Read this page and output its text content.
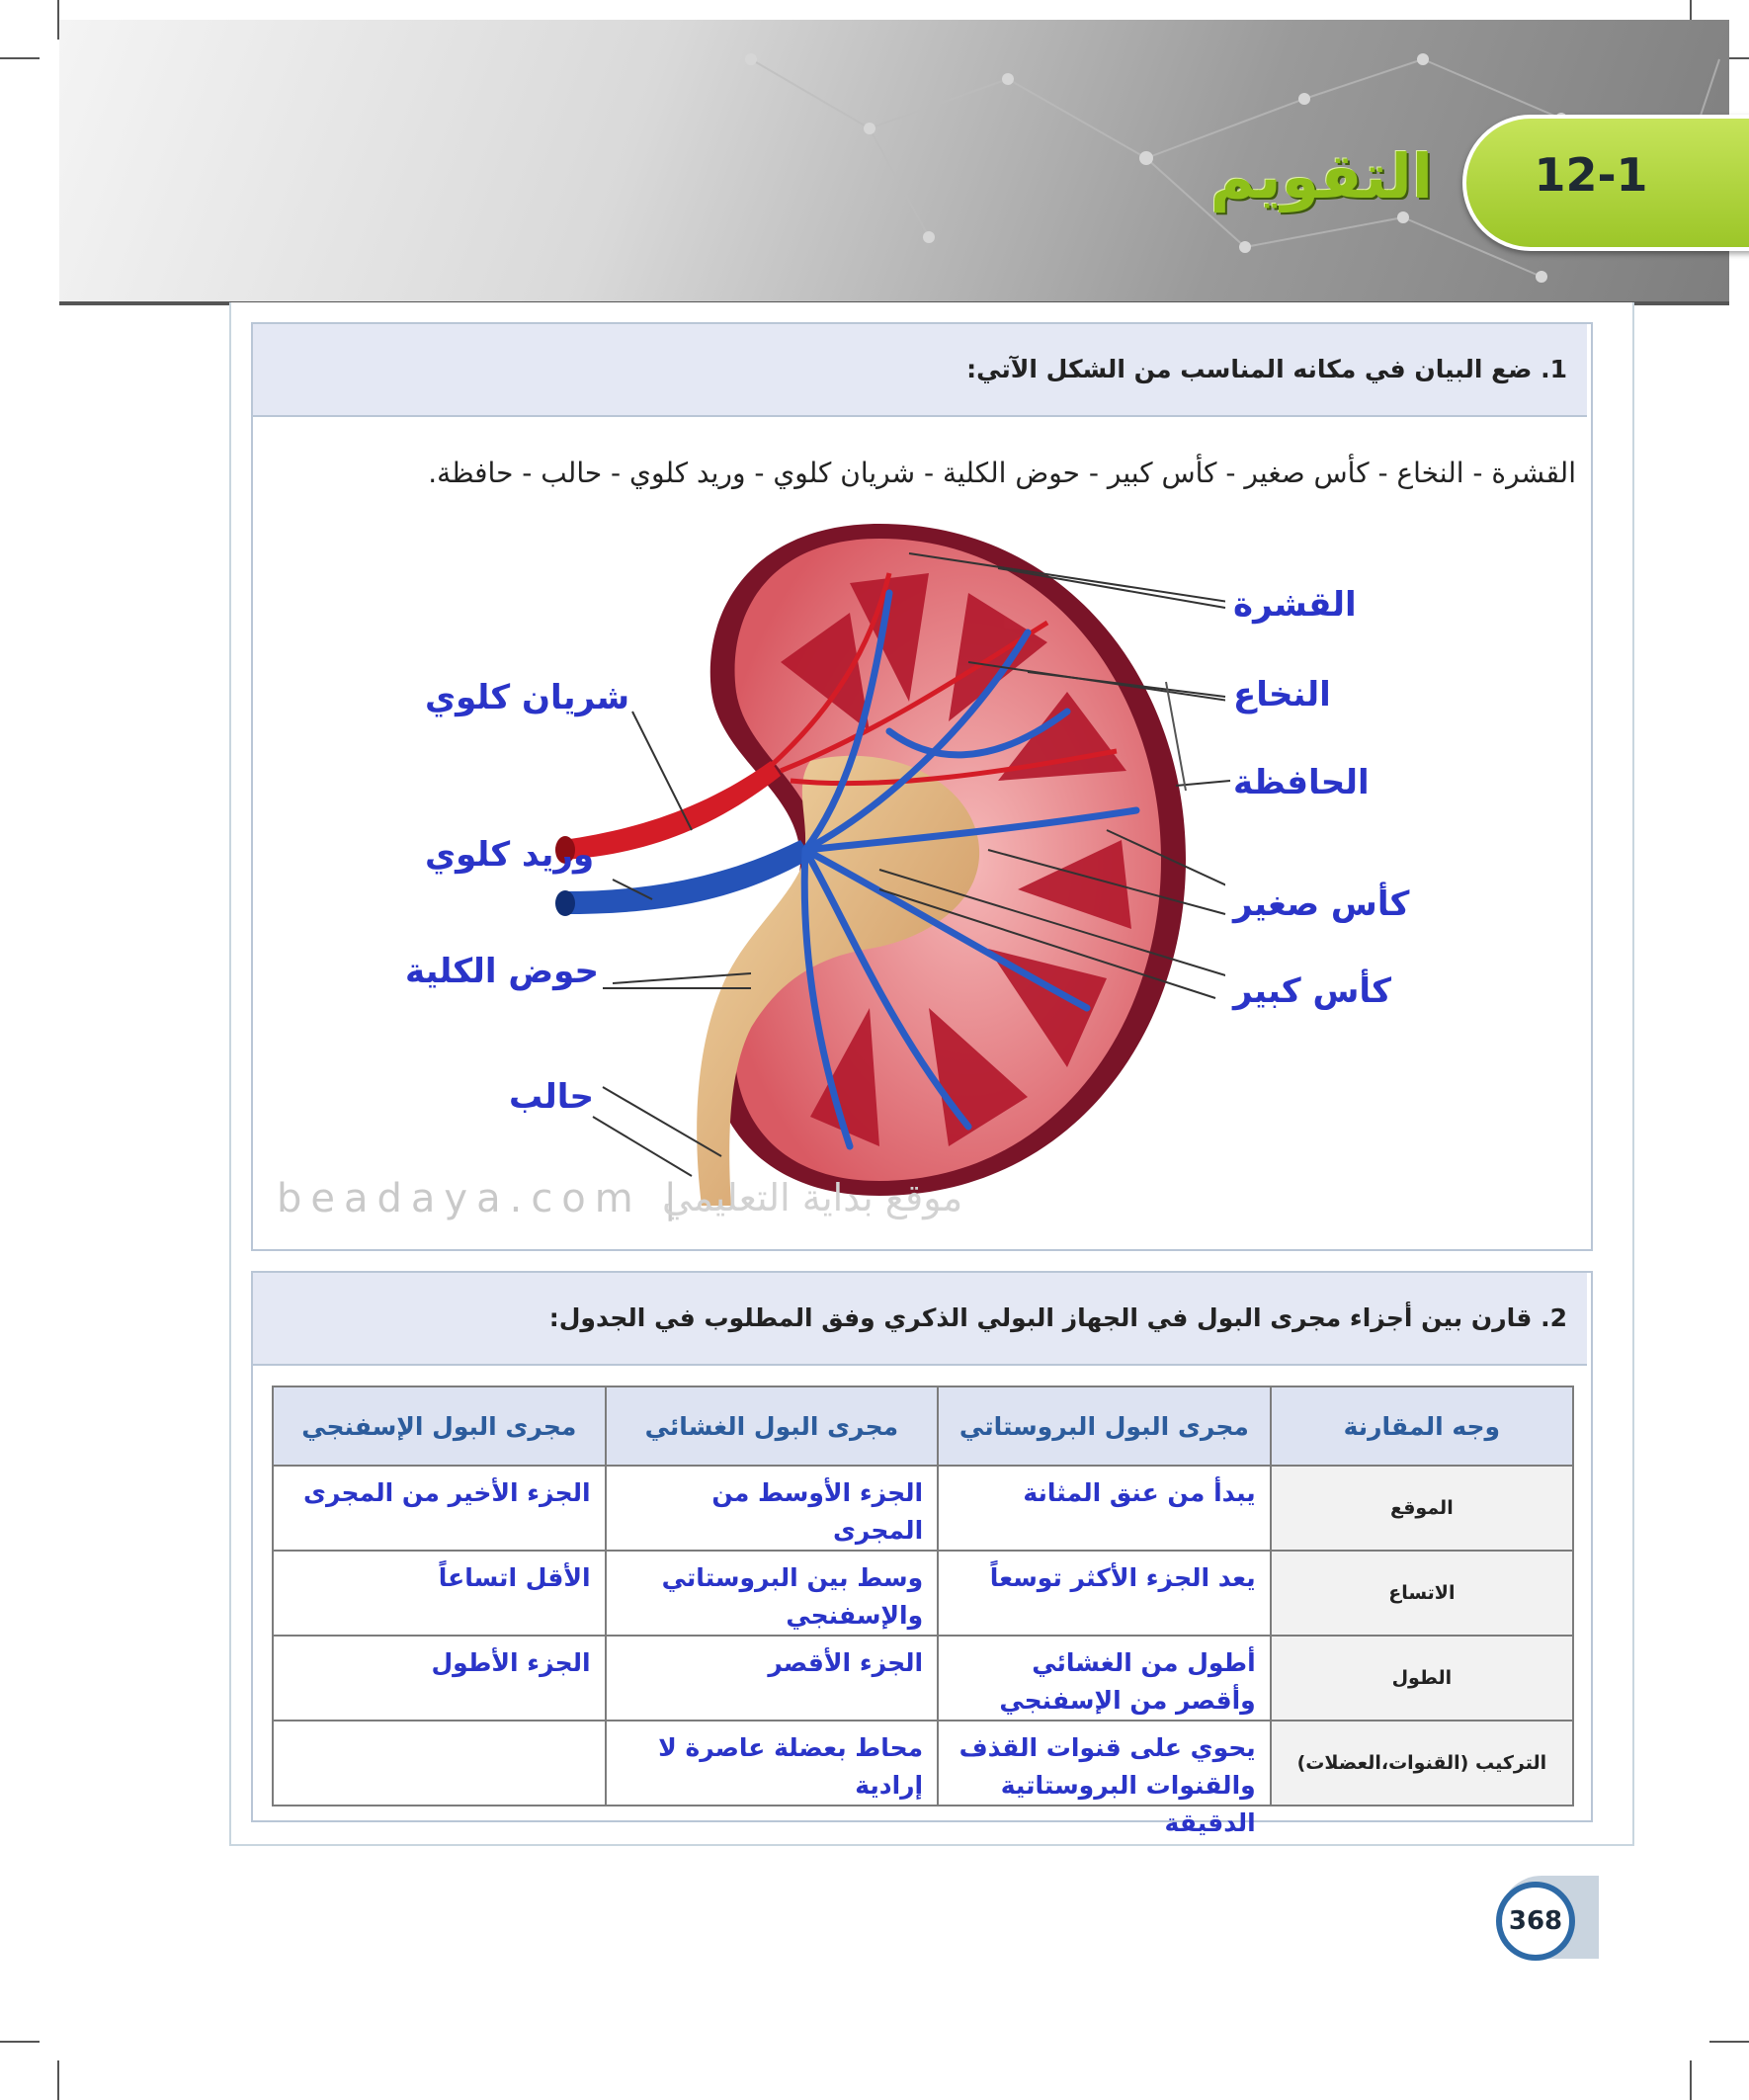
12-1
التقويم
1. ضع البيان في مكانه المناسب من الشكل الآتي:
القشرة - النخاع - كأس صغير - كأس كبير - حوض الكلية - شريان كلوي - وريد كلوي - حالب - حافظة.
القشرة
النخاع
الحافظة
كأس صغير
كأس كبير
شريان كلوي
وريد كلوي
حوض الكلية
حالب
beadaya.com |
موقع بداية التعليمي
2. قارن بين أجزاء مجرى البول في الجهاز البولي الذكري وفق المطلوب في الجدول:
وجه المقارنة	مجرى البول البروستاتي	مجرى البول الغشائي	مجرى البول الإسفنجي
الموقع	يبدأ من عنق المثانة	الجزء الأوسط من المجرى	الجزء الأخير من المجرى
الاتساع	يعد الجزء الأكثر توسعاً	وسط بين البروستاتي والإسفنجي	الأقل اتساعاً
الطول	أطول من الغشائي وأقصر من الإسفنجي	الجزء الأقصر	الجزء الأطول
التركيب (القنوات،العضلات)	يحوي على قنوات القذف والقنوات البروستاتية الدقيقة	محاط بعضلة عاصرة لا إرادية	

368
